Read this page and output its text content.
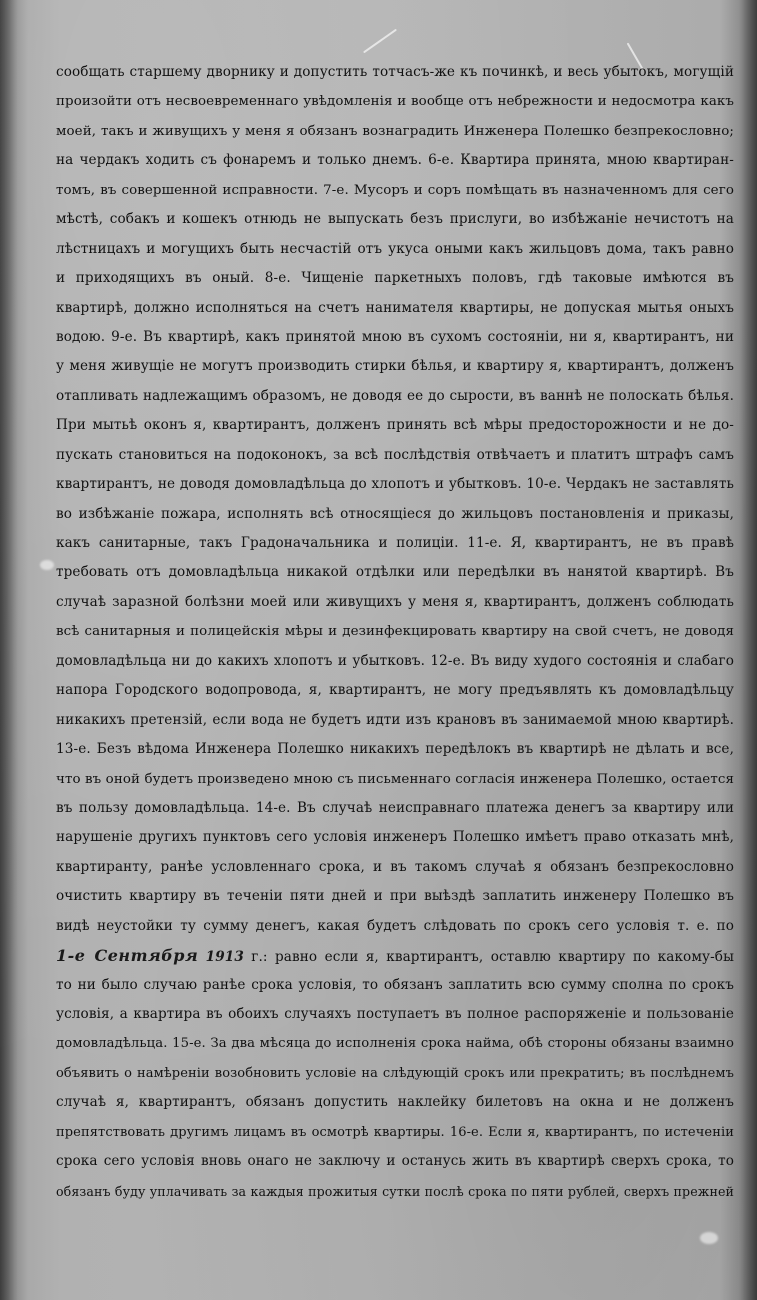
сообщать старшему дворнику и допустить тотчасъ-же къ починкѣ, и весь убытокъ, могущій
произойти отъ несвоевременнаго увѣдомленія и вообще отъ небрежности и недосмотра какъ
моей, такъ и живущихъ у меня я обязанъ вознаградить Инженера Полешко безпрекословно;
на чердакъ ходить съ фонаремъ и только днемъ. 6-е. Квартира принята, мною квартиран-
томъ, въ совершенной исправности. 7-е. Мусоръ и соръ помѣщать въ назначенномъ для сего
мѣстѣ, собакъ и кошекъ отнюдь не выпускать безъ прислуги, во избѣжаніе нечистотъ на
лѣстницахъ и могущихъ быть несчастій отъ укуса оными какъ жильцовъ дома, такъ равно
и приходящихъ въ оный. 8-е. Чищеніе паркетныхъ половъ, гдѣ таковые имѣются въ
квартирѣ, должно исполняться на счетъ нанимателя квартиры, не допуская мытья оныхъ
водою. 9-е. Въ квартирѣ, какъ принятой мною въ сухомъ состояніи, ни я, квартирантъ, ни
у меня живущіе не могутъ производить стирки бѣлья, и квартиру я, квартирантъ, долженъ
отапливать надлежащимъ образомъ, не доводя ее до сырости, въ ваннѣ не полоскать бѣлья.
При мытьѣ оконъ я, квартирантъ, долженъ принять всѣ мѣры предосторожности и не до-
пускать становиться на подоконокъ, за всѣ послѣдствія отвѣчаетъ и платитъ штрафъ самъ
квартирантъ, не доводя домовладѣльца до хлопотъ и убытковъ. 10-е. Чердакъ не заставлять
во избѣжаніе пожара, исполнять всѣ относящіеся до жильцовъ постановленія и приказы,
какъ санитарные, такъ Градоначальника и полиціи. 11-е. Я, квартирантъ, не въ правѣ
требовать отъ домовладѣльца никакой отдѣлки или передѣлки въ нанятой квартирѣ. Въ
случаѣ заразной болѣзни моей или живущихъ у меня я, квартирантъ, долженъ соблюдать
всѣ санитарныя и полицейскія мѣры и дезинфекцировать квартиру на свой счетъ, не доводя
домовладѣльца ни до какихъ хлопотъ и убытковъ. 12-е. Въ виду худого состоянія и слабаго
напора Городского водопровода, я, квартирантъ, не могу предъявлять къ домовладѣльцу
никакихъ претензій, если вода не будетъ идти изъ крановъ въ занимаемой мною квартирѣ.
13-е. Безъ вѣдома Инженера Полешко никакихъ передѣлокъ въ квартирѣ не дѣлать и все,
что въ оной будетъ произведено мною съ письменнаго согласія инженера Полешко, остается
въ пользу домовладѣльца. 14-е. Въ случаѣ неисправнаго платежа денегъ за квартиру или
нарушеніе другихъ пунктовъ сего условія инженеръ Полешко имѣетъ право отказать мнѣ,
квартиранту, ранѣе условленнаго срока, и въ такомъ случаѣ я обязанъ безпрекословно
очистить квартиру въ теченіи пяти дней и при выѣздѣ заплатить инженеру Полешко въ
видѣ неустойки ту сумму денегъ, какая будетъ слѣдовать по срокъ сего условія т. е. по
1-е Сентября 1913 г.: равно если я, квартирантъ, оставлю квартиру по какому-бы
то ни было случаю ранѣе срока условія, то обязанъ заплатить всю сумму сполна по срокъ
условія, а квартира въ обоихъ случаяхъ поступаетъ въ полное распоряженіе и пользованіе
домовладѣльца. 15-е. За два мѣсяца до исполненія срока найма, обѣ стороны обязаны взаимно
объявить о намѣреніи возобновить условіе на слѣдующій срокъ или прекратить; въ послѣднемъ
случаѣ я, квартирантъ, обязанъ допустить наклейку билетовъ на окна и не долженъ
препятствовать другимъ лицамъ въ осмотрѣ квартиры. 16-е. Если я, квартирантъ, по истеченіи
срока сего условія вновь онаго не заключу и останусь жить въ квартирѣ сверхъ срока, то
обязанъ буду уплачивать за каждыя прожитыя сутки послѣ срока по пяти рублей, сверхъ прежней
